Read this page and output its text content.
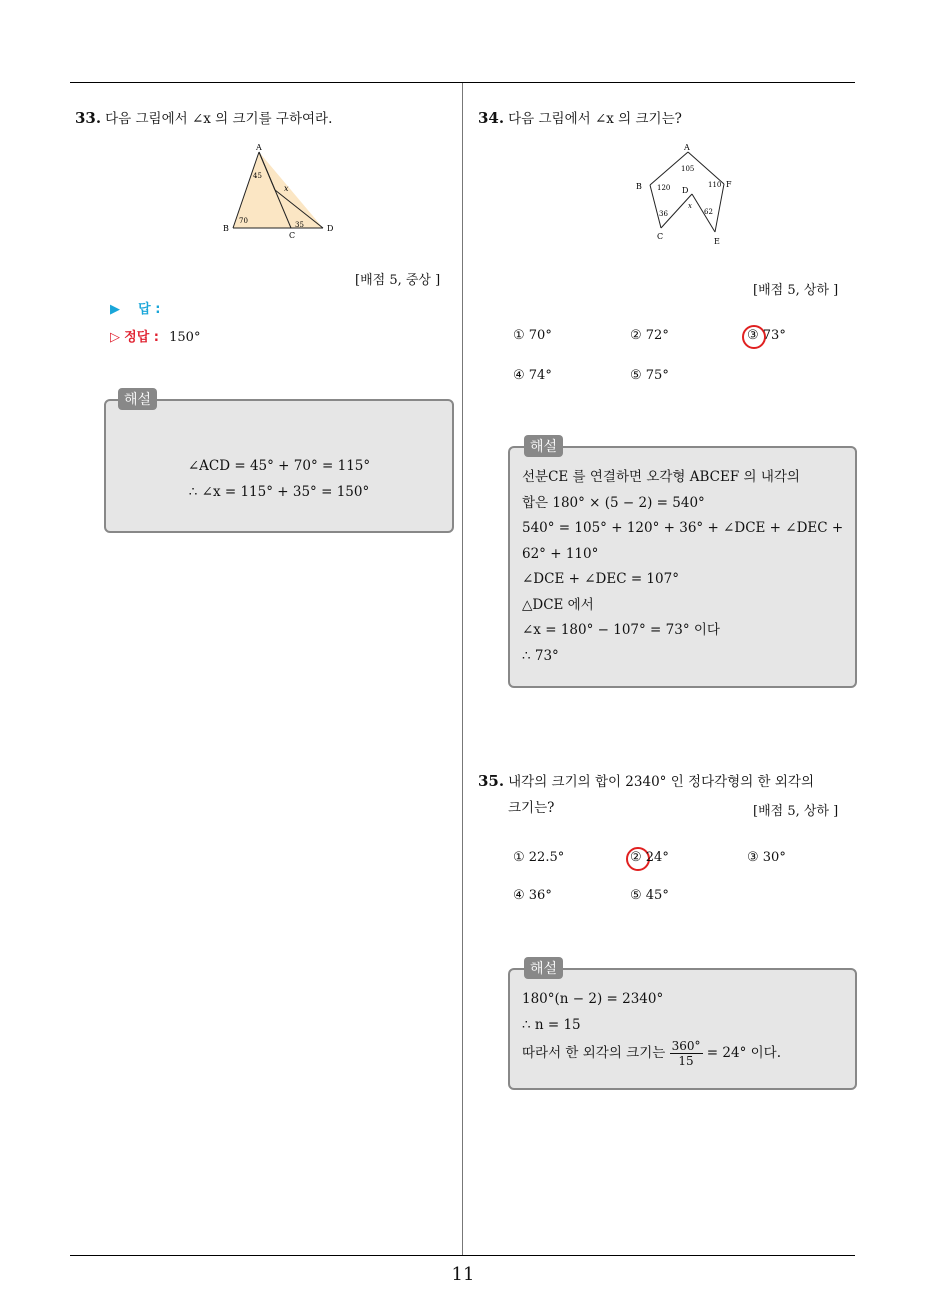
11
33. 다음 그림에서 ∠x 의 크기를 구하여라.
A
B
C
D
x
45
70	35
[배점 5, 중상 ]
▶ 답 :
▷ 정답 : 150°
해설
∠ACD = 45° + 70° = 115°
∴ ∠x = 115° + 35° = 150°
34. 다음 그림에서 ∠x 의 크기는?
A
B
C
D
E
F
x
105
120	110
36	62
[배점 5, 상하 ]
① 70°	② 72°	③ 73°
④ 74°	⑤ 75°
해설
선분CE 를 연결하면 오각형 ABCEF 의 내각의
합은 180° × (5 − 2) = 540°
540° = 105° + 120° + 36° + ∠DCE + ∠DEC +
62° + 110°
∠DCE + ∠DEC = 107°
△DCE 에서
∠x = 180° − 107° = 73° 이다
∴ 73°
35. 내각의 크기의 합이 2340° 인 정다각형의 한 외각의
크기는?	[배점 5, 상하 ]
① 22.5°	② 24°	③ 30°
④ 36°	⑤ 45°
해설
180°(n − 2) = 2340°
∴ n = 15
따라서 한 외각의 크기는 $\frac{360^\circ}{15} = 24^\circ$ 이다.
